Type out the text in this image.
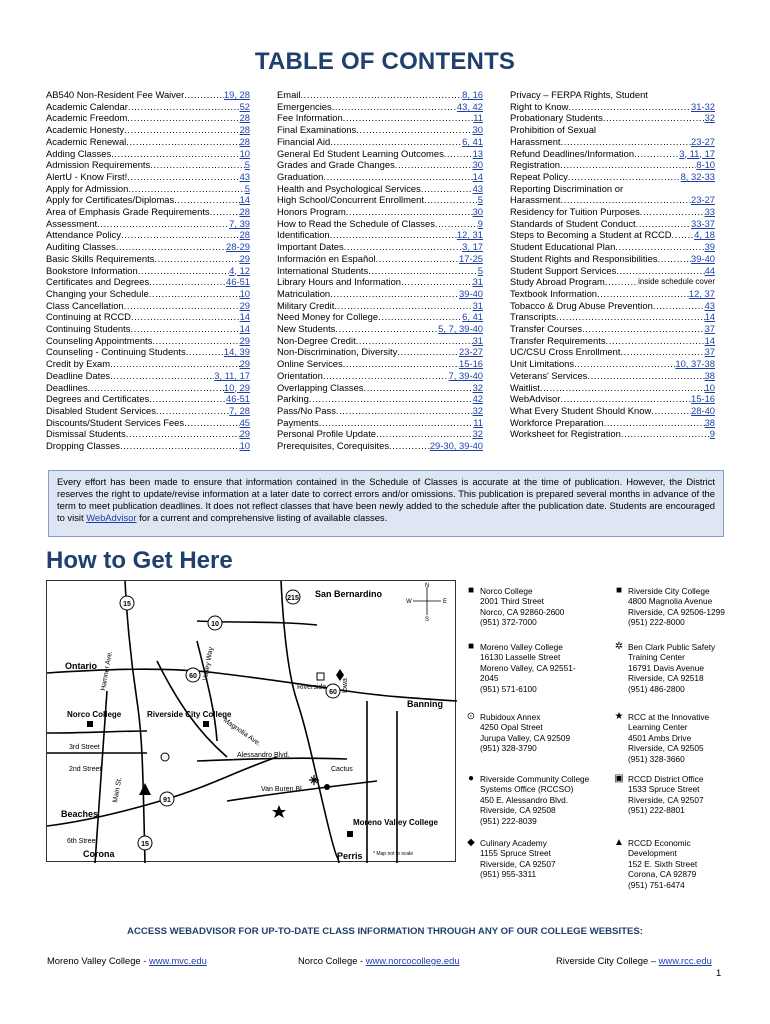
TABLE OF CONTENTS
AB540 Non-Resident Fee Waiver .....	19, 28
Academic Calendar .....	52
Academic Freedom .....	28
Academic Honesty .....	28
Academic Renewal .....	28
Adding Classes .....	10
Admission Requirements .....	5
AlertU - Know First! .....	43
Apply for Admission .....	5
Apply for Certificates/Diplomas .....	14
Area of Emphasis Grade Requirements .....	28
Assessment .....	7, 39
Attendance Policy .....	28
Auditing Classes .....	28-29
Basic Skills Requirements .....	29
Bookstore Information .....	4, 12
Certificates and Degrees .....	46-51
Changing your Schedule .....	10
Class Cancellation .....	29
Continuing at RCCD .....	14
Continuing Students .....	14
Counseling Appointments .....	29
Counseling - Continuing Students .....	14, 39
Credit by Exam .....	29
Deadline Dates .....	3, 11, 17
Deadlines .....	10, 29
Degrees and Certificates .....	46-51
Disabled Student Services .....	7, 28
Discounts/Student Services Fees .....	45
Dismissal Students .....	29
Dropping Classes .....	10
Email .....	8, 16
Emergencies .....	43, 42
Fee Information .....	11
Final Examinations .....	30
Financial Aid .....	6, 41
General Ed Student Learning Outcomes .....	13
Grades and Grade Changes .....	30
Graduation .....	14
Health and Psychological Services .....	43
High School/Concurrent Enrollment .....	5
Honors Program .....	30
How to Read the Schedule of Classes .....	9
Identification .....	12, 31
Important Dates .....	3, 17
Información en Español .....	17-25
International Students .....	5
Library Hours and Information .....	31
Matriculation .....	39-40
Military Credit .....	31
Need Money for College .....	6, 41
New Students .....	5, 7, 39-40
Non-Degree Credit .....	31
Non-Discrimination, Diversity .....	23-27
Online Services .....	15-16
Orientation .....	7, 39-40
Overlapping Classes .....	32
Parking .....	42
Pass/No Pass .....	32
Payments .....	11
Personal Profile Update .....	32
Prerequisites, Corequisites .....	29-30, 39-40
Privacy – FERPA Rights, Student
Right to Know .....	31-32
Probationary Students .....	32
Prohibition of Sexual
Harassment .....	23-27
Refund Deadlines/Information .....	3, 11, 17
Registration .....	8-10
Repeat Policy .....	8, 32-33
Reporting Discrimination or
Harassment .....	23-27
Residency for Tuition Purposes .....	33
Standards of Student Conduct .....	33-37
Steps to Becoming a Student at RCCD ..... 4, 18
Student Educational Plan .....	39
Student Rights and Responsibilities .....	39-40
Student Support Services .....	44
Study Abroad Program .....	inside schedule cover
Textbook Information .....	12, 37
Tobacco & Drug Abuse Prevention .....	43
Transcripts .....	14
Transfer Courses .....	37
Transfer Requirements .....	14
UC/CSU Cross Enrollment .....	37
Unit Limitations .....	10, 37-38
Veterans' Services .....	38
Waitlist .....	10
WebAdvisor .....	15-16
What Every Student Should Know .....	28-40
Workforce Preparation .....	38
Worksheet for Registration .....	9
Every effort has been made to ensure that information contained in the Schedule of Classes is accurate at the time of publication. However, the District reserves the right to update/revise information at a later date to correct errors and/or omissions. This publication is prepared several months in advance of the term to meet publication deadlines. It does not reflect classes that have been newly added to the schedule after the publication date. Students are encouraged to visit WebAdvisor for a current and comprehensive listing of available classes.
How to Get Here
15
215
10
60
60
91
15
N
S
E
W
San Bernardino
Ontario
Norco College	Riverside City College
Banning
Beaches
Corona	Perris
Moreno Valley College
3rd Street
2nd Street
6th Street
Alessandro Blvd.
Cactus
Van Buren Bl.
Riverside
* Map not to scale
Hamner Ave.
Main St.
Valley Way
Iowa
Magnolia Ave.
■ Norco College
2001 Third Street
Norco, CA 92860-2600
(951) 372-7000
■ Riverside City College
4800 Magnolia Avenue
Riverside, CA 92506-1299
(951) 222-8000
■ Moreno Valley College
16130 Lasselle Street
Moreno Valley, CA 92551-
2045
(951) 571-6100
✲ Ben Clark Public Safety
Training Center
16791 Davis Avenue
Riverside, CA 92518
(951) 486-2800
⊙ Rubidoux Annex
4250 Opal Street
Jurupa Valley, CA 92509
(951) 328-3790
★ RCC at the Innovative
Learning Center
4501 Ambs Drive
Riverside, CA 92505
(951) 328-3660
● Riverside Community College
Systems Office (RCCSO)
450 E. Alessandro Blvd.
Riverside, CA 92508
(951) 222-8039
▣ RCCD District Office
1533 Spruce Street
Riverside, CA 92507
(951) 222-8801
◆ Culinary Academy
1155 Spruce Street
Riverside, CA 92507
(951) 955-3311
▲ RCCD Economic
Development
152 E. Sixth Street
Corona, CA 92879
(951) 751-6474
ACCESS WEBADVISOR FOR UP-TO-DATE CLASS INFORMATION THROUGH ANY OF OUR COLLEGE WEBSITES:
Moreno Valley College - www.mvc.edu	Norco College - www.norcocollege.edu	Riverside City College – www.rcc.edu
1
